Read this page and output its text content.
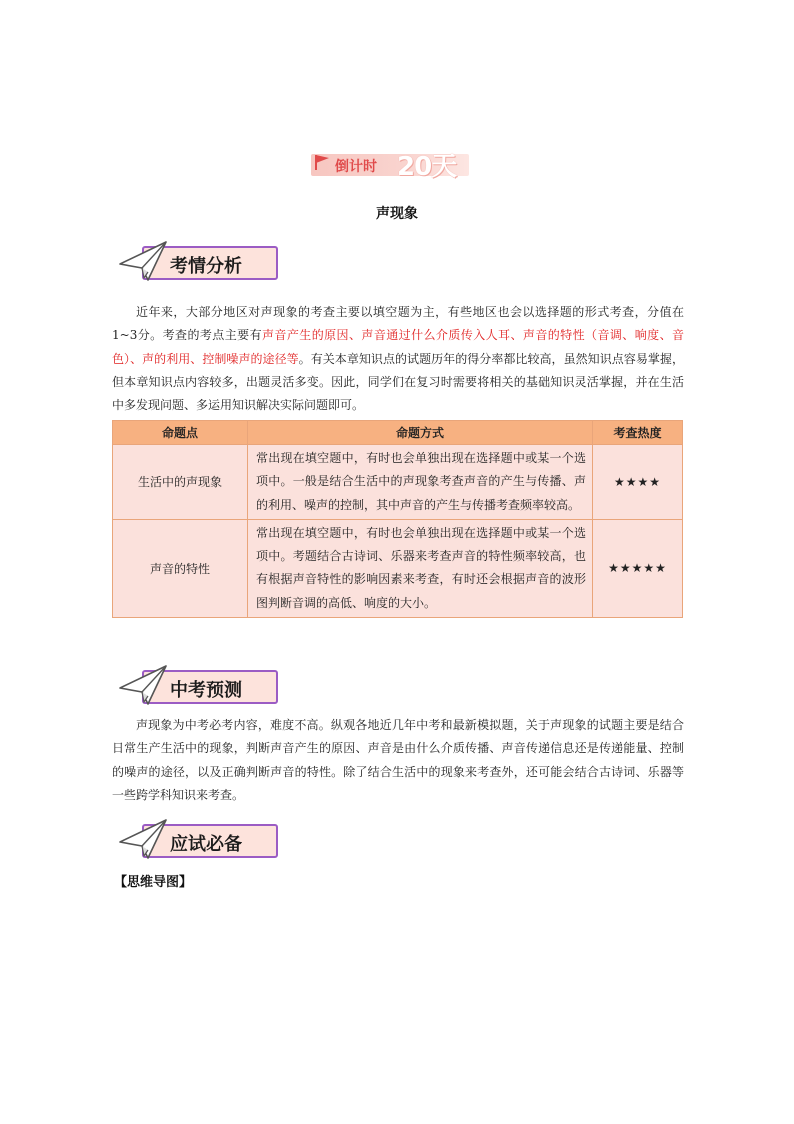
倒计时 20天
声现象
考情分析

近年来，大部分地区对声现象的考查主要以填空题为主，有些地区也会以选择题的形式考查，分值在1~3分。考查的考点主要有声音产生的原因、声音通过什么介质传入人耳、声音的特性（音调、响度、音色）、声的利用、控制噪声的途径等。有关本章知识点的试题历年的得分率都比较高，虽然知识点容易掌握，但本章知识点内容较多，出题灵活多变。因此，同学们在复习时需要将相关的基础知识灵活掌握，并在生活中多发现问题、多运用知识解决实际问题即可。

命题点	命题方式	考查热度
生活中的声现象	常出现在填空题中，有时也会单独出现在选择题中或某一个选项中。一般是结合生活中的声现象考查声音的产生与传播、声的利用、噪声的控制，其中声音的产生与传播考查频率较高。	★★★★
声音的特性	常出现在填空题中，有时也会单独出现在选择题中或某一个选项中。考题结合古诗词、乐器来考查声音的特性频率较高，也有根据声音特性的影响因素来考查，有时还会根据声音的波形图判断音调的高低、响度的大小。	★★★★★
中考预测

声现象为中考必考内容，难度不高。纵观各地近几年中考和最新模拟题，关于声现象的试题主要是结合日常生产生活中的现象，判断声音产生的原因、声音是由什么介质传播、声音传递信息还是传递能量、控制的噪声的途径，以及正确判断声音的特性。除了结合生活中的现象来考查外，还可能会结合古诗词、乐器等一些跨学科知识来考查。

应试必备
【思维导图】
